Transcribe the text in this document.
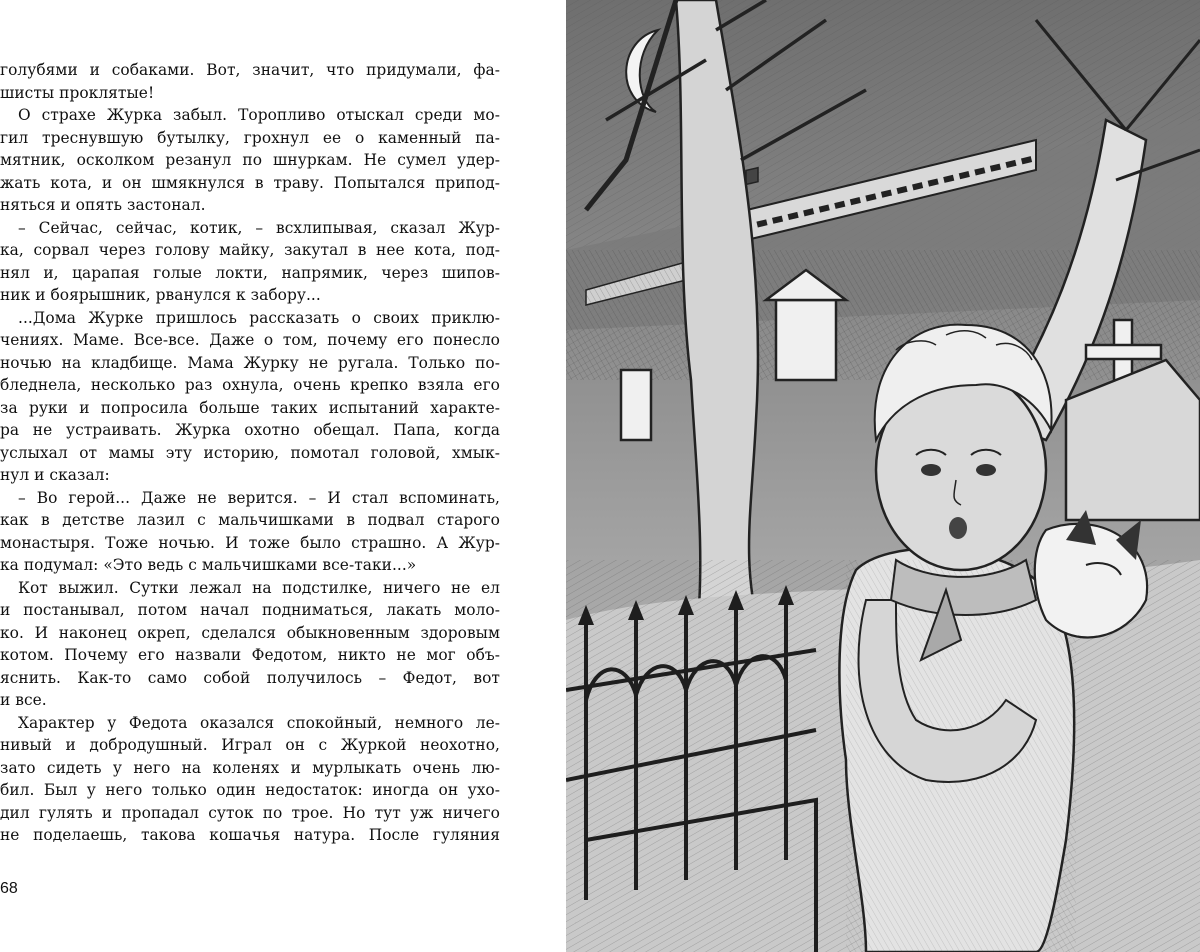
голубями и собаками. Вот, значит, что придумали, фа-
шисты проклятые!
О страхе Журка забыл. Торопливо отыскал среди мо-
гил треснувшую бутылку, грохнул ее о каменный па-
мятник, осколком резанул по шнуркам. Не сумел удер-
жать кота, и он шмякнулся в траву. Попытался припод-
няться и опять застонал.
– Сейчас, сейчас, котик, – всхлипывая, сказал Жур-
ка, сорвал через голову майку, закутал в нее кота, под-
нял и, царапая голые локти, напрямик, через шипов-
ник и боярышник, рванулся к забору...
...Дома Журке пришлось рассказать о своих приклю-
чениях. Маме. Все-все. Даже о том, почему его понесло
ночью на кладбище. Мама Журку не ругала. Только по-
бледнела, несколько раз охнула, очень крепко взяла его
за руки и попросила больше таких испытаний характе-
ра не устраивать. Журка охотно обещал. Папа, когда
услыхал от мамы эту историю, помотал головой, хмык-
нул и сказал:
– Во герой... Даже не верится. – И стал вспоминать,
как в детстве лазил с мальчишками в подвал старого
монастыря. Тоже ночью. И тоже было страшно. А Жур-
ка подумал: «Это ведь с мальчишками все-таки...»
Кот выжил. Сутки лежал на подстилке, ничего не ел
и постанывал, потом начал подниматься, лакать моло-
ко. И наконец окреп, сделался обыкновенным здоровым
котом. Почему его назвали Федотом, никто не мог объ-
яснить. Как-то само собой получилось – Федот, вот
и все.
Характер у Федота оказался спокойный, немного ле-
нивый и добродушный. Играл он с Журкой неохотно,
зато сидеть у него на коленях и мурлыкать очень лю-
бил. Был у него только один недостаток: иногда он ухо-
дил гулять и пропадал суток по трое. Но тут уж ничего
не поделаешь, такова кошачья натура. После гуляния
68
